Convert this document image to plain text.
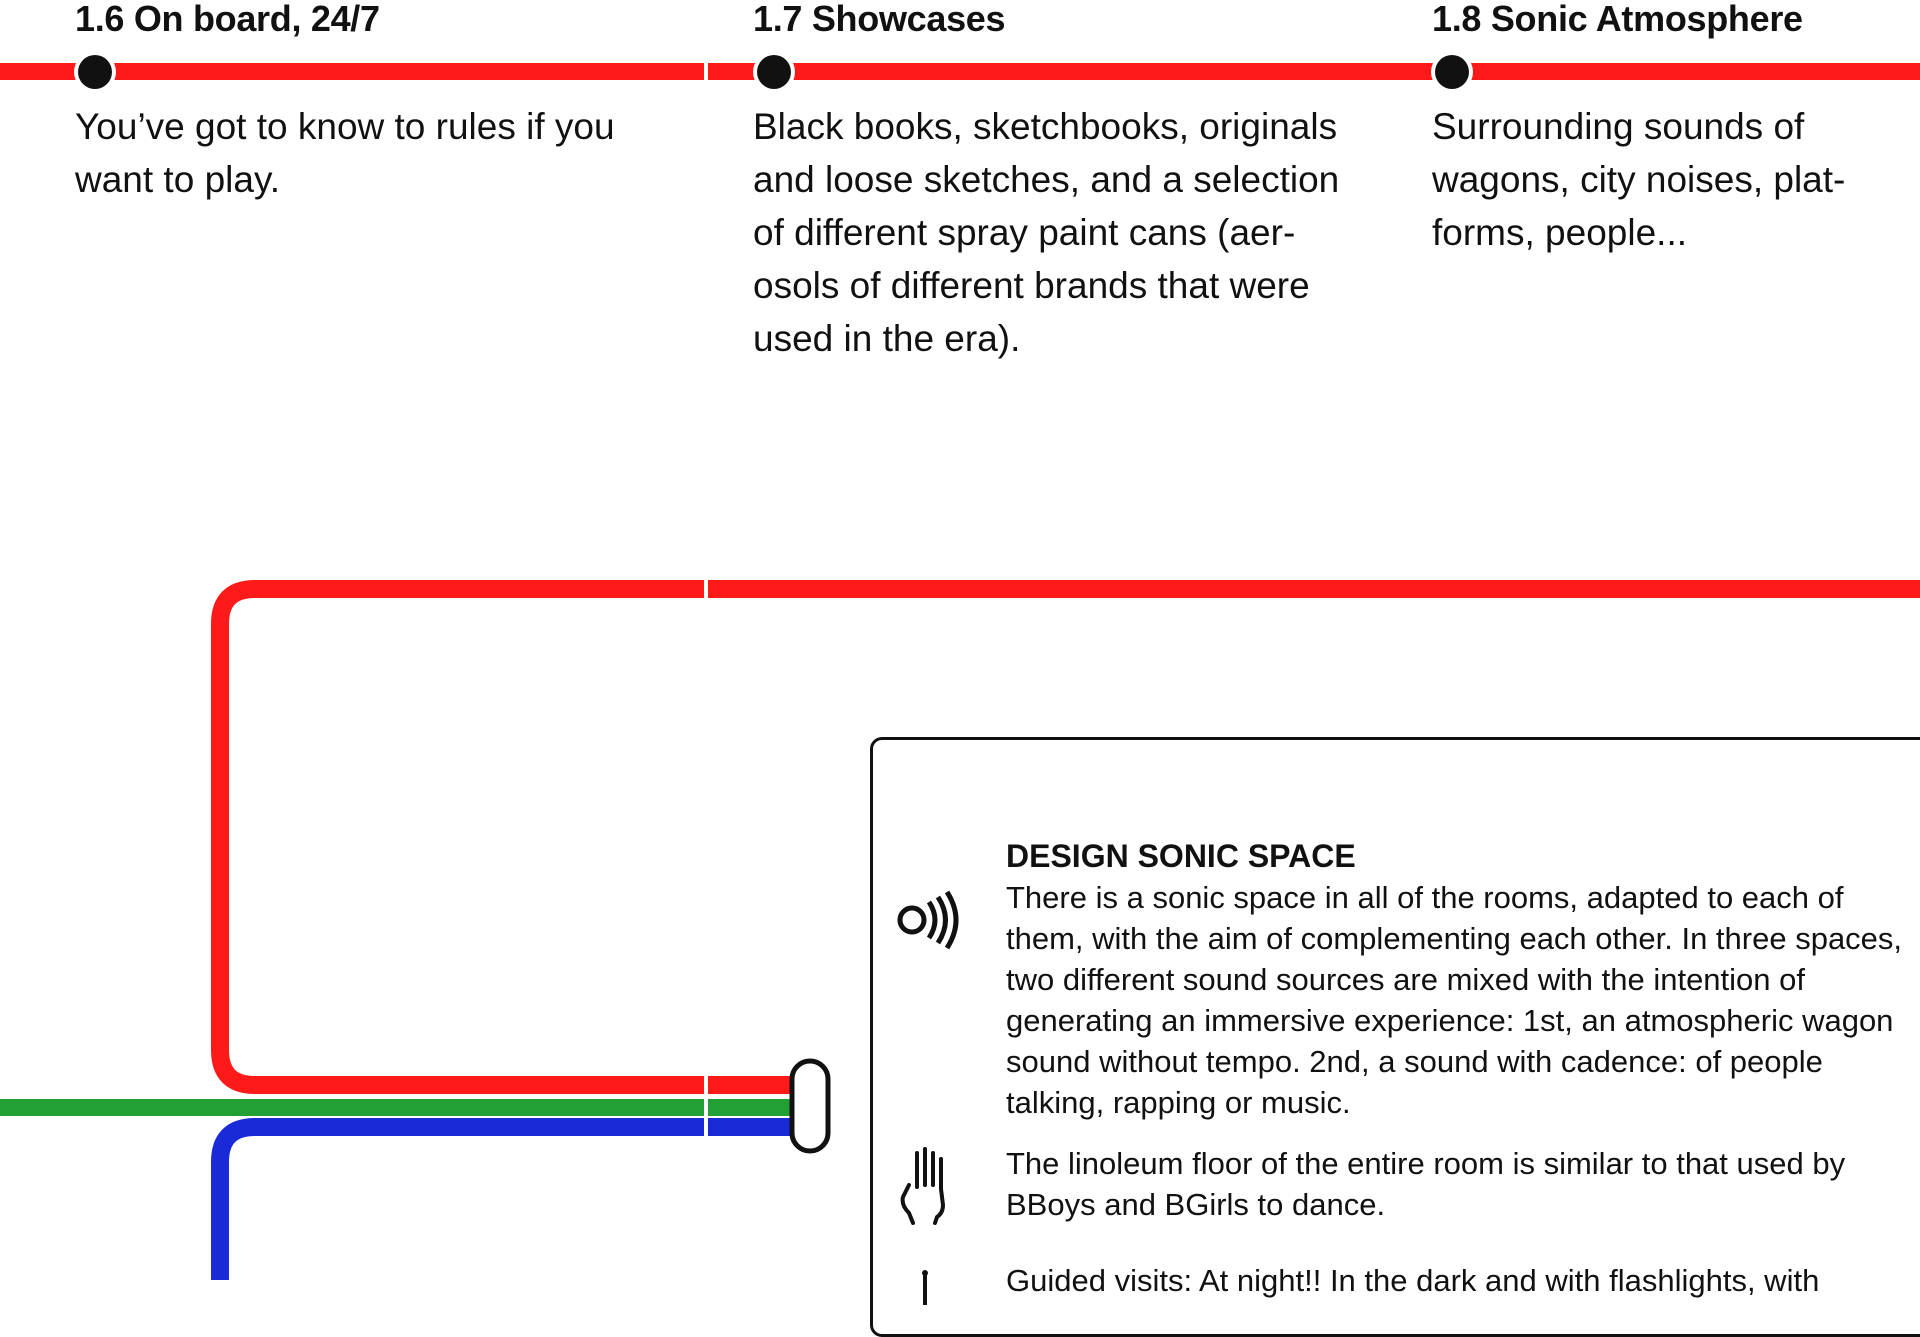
1.6 On board, 24/7

You’ve got to know to rules if you want to play.

1.7 Showcases

Black books, sketchbooks, originals and loose sketches, and a selection of different spray paint cans (aer-osols of different brands that were used in the era).

1.8 Sonic Atmosphere

Surrounding sounds of wagons, city noises, plat-forms, people...

DESIGN SONIC SPACE

There is a sonic space in all of the rooms, adapted to each of them, with the aim of complementing each other. In three spaces, two different sound sources are mixed with the intention of generating an immersive experience: 1st, an atmospheric wagon sound without tempo. 2nd, a sound with cadence: of people talking, rapping or music.

The linoleum floor of the entire room is similar to that used by BBoys and BGirls to dance.

Guided visits: At night!! In the dark and with flashlights, with
